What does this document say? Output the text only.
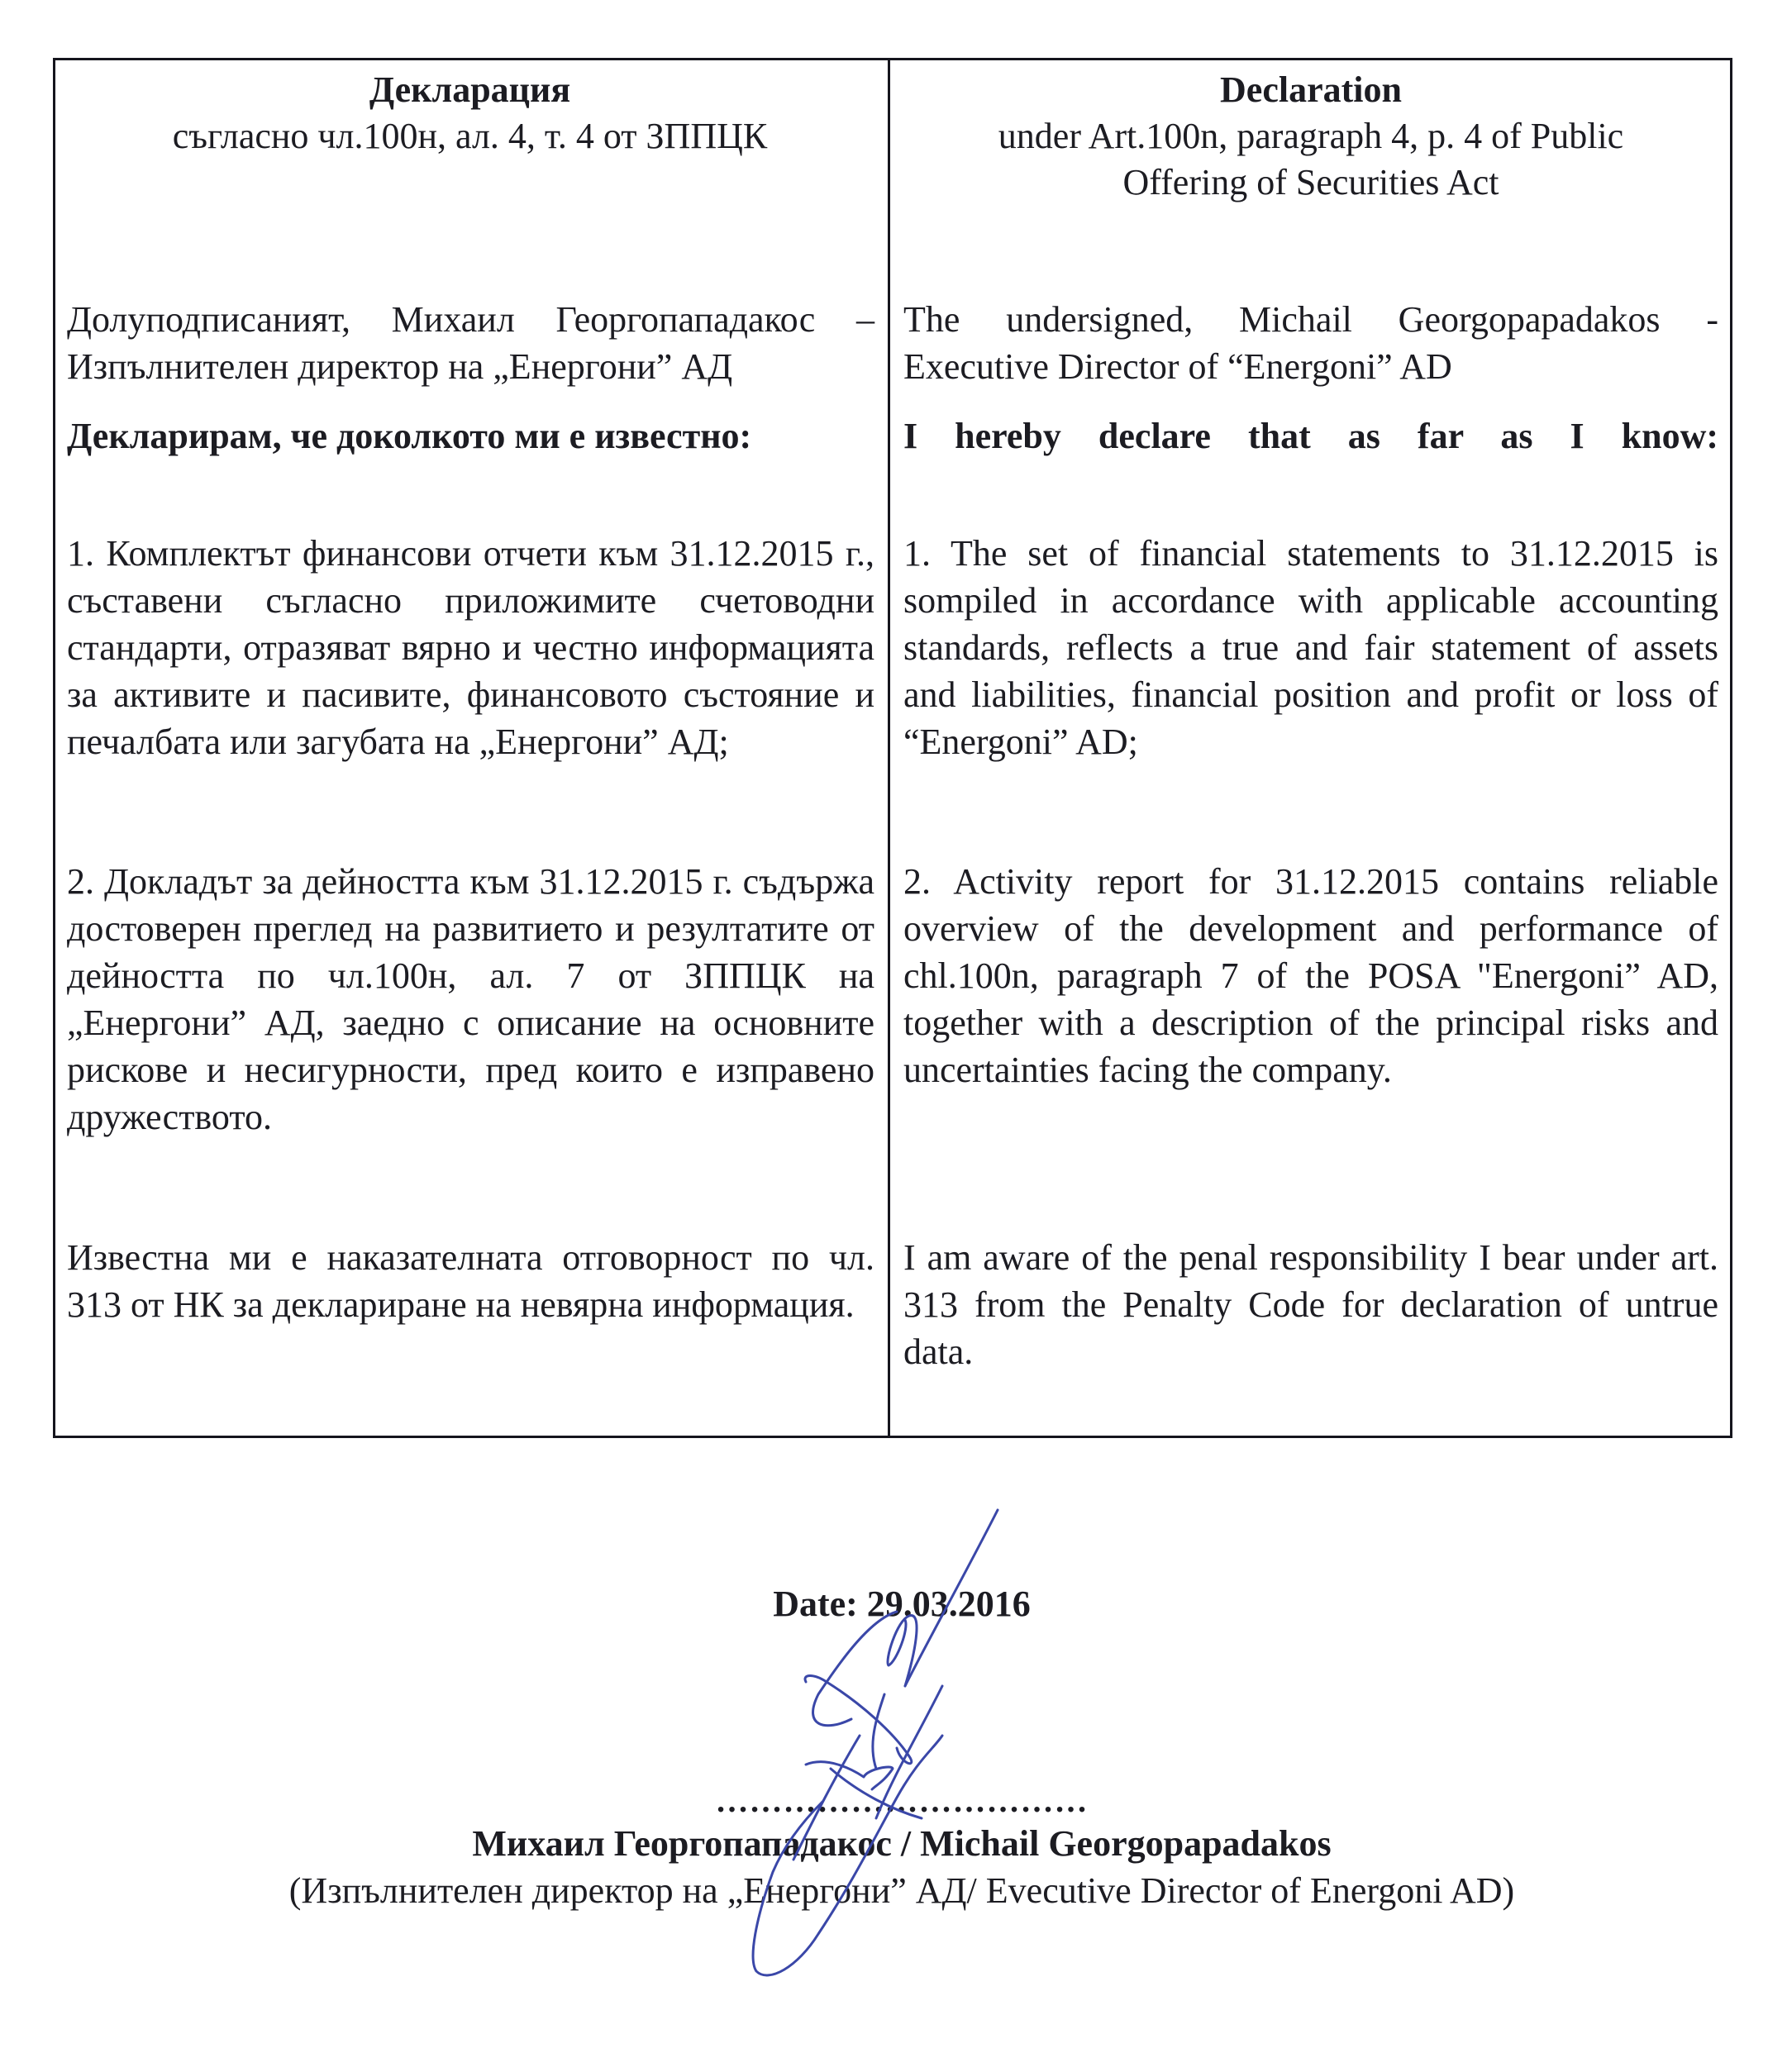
Декларация
съгласно чл.100н, ал. 4, т. 4 от ЗППЦК
Долуподписаният, Михаил Георгопападакос – Изпълнителен директор на „Енергони” АД
Декларирам, че доколкото ми е известно:
1. Комплектът финансови отчети към 31.12.2015 г., съставени съгласно приложимите счетоводни стандарти, отразяват вярно и честно информацията за активите и пасивите, финансовото състояние и печалбата или загубата на „Енергони” АД;
2. Докладът за дейността към 31.12.2015 г. съдържа достоверен преглед на развитието и резултатите от дейността по чл.100н, ал. 7 от ЗППЦК на „Енергони” АД, заедно с описание на основните рискове и несигурности, пред които е изправено дружеството.
Известна ми е наказателната отговорност по чл. 313 от НК за деклариране на невярна информация.
Declaration
under Art.100n, paragraph 4, p. 4 of Public
Offering of Securities Act
The undersigned, Michail Georgopapadakos - Executive Director of “Energoni” AD
I hereby declare that as far as I know:
1. The set of financial statements to 31.12.2015 is sompiled in accordance with applicable accounting standards, reflects a true and fair statement of assets and liabilities, financial position and profit or loss of “Energoni” AD;
2. Activity report for 31.12.2015 contains reliable overview of the development and performance of chl.100n, paragraph 7 of the POSA "Energoni” AD, together with a description of the principal risks and uncertainties facing the company.
I am aware of the penal responsibility I bear under art. 313 from the Penalty Code for declaration of untrue data.
Date: 29.03.2016
……………………………
Михаил Георгопападакос / Michail Georgopapadakos
(Изпълнителен директор на „Енергони” АД/ Evecutive Director of Energoni AD)
